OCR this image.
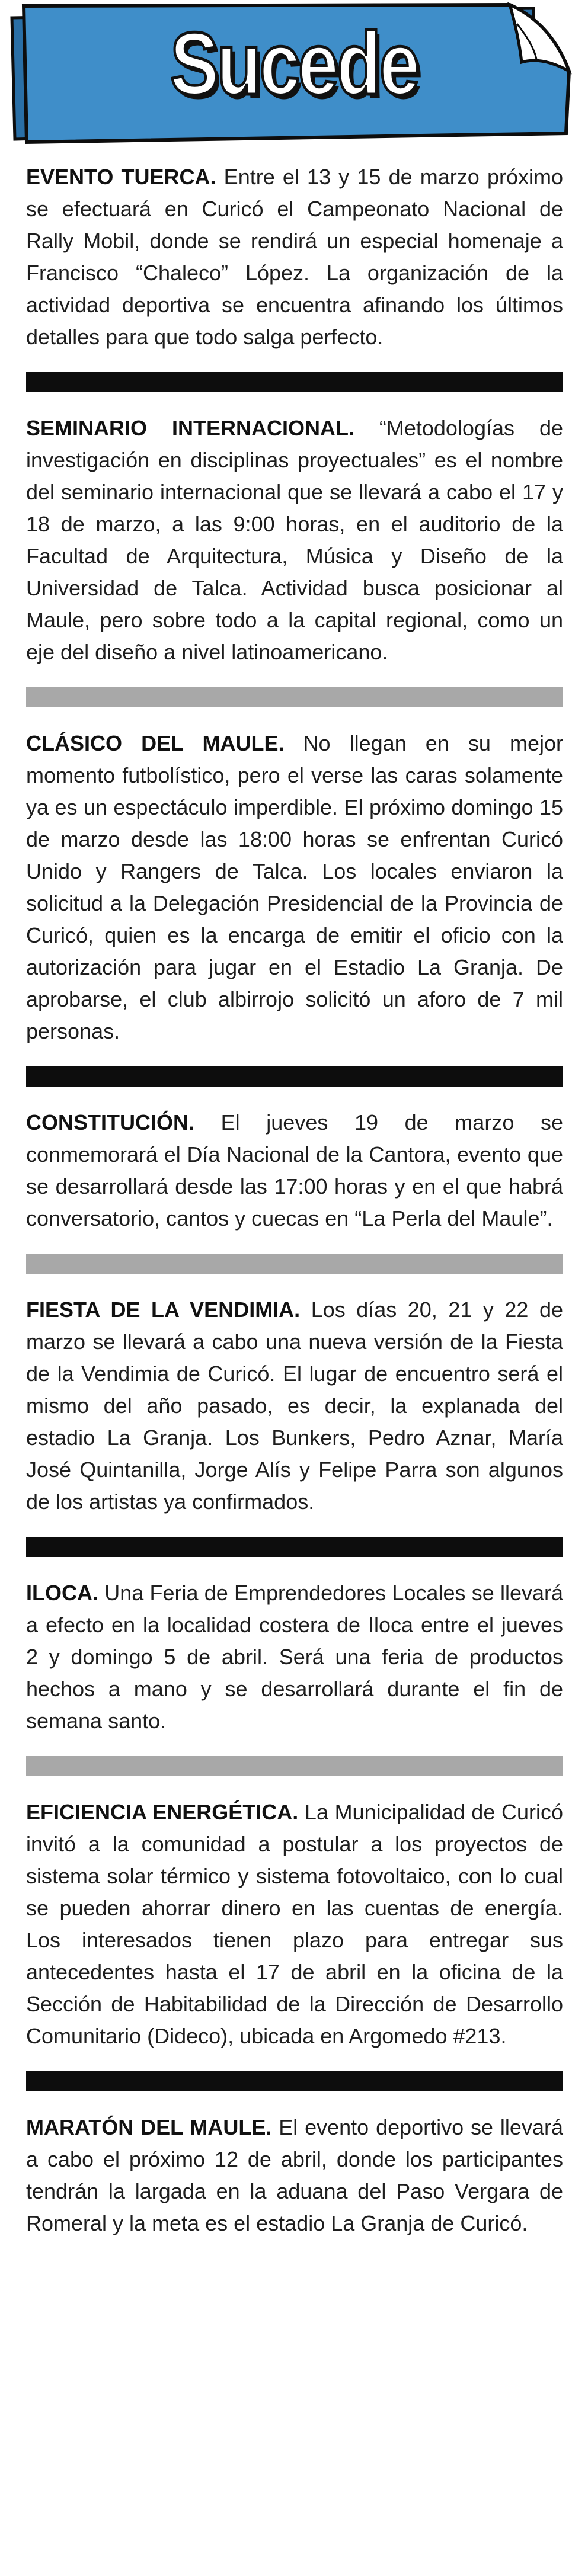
Sucede

EVENTO TUERCA. Entre el 13 y 15 de marzo próximo se efectuará en Curicó el Campeonato Nacional de Rally Mobil, donde se rendirá un especial homenaje a Francisco “Chaleco” López. La organización de la actividad deportiva se encuentra afinando los últimos detalles para que todo salga perfecto.

SEMINARIO INTERNACIONAL. “Metodologías de investigación en disciplinas proyectuales” es el nombre del seminario internacional que se llevará a cabo el 17 y 18 de marzo, a las 9:00 horas, en el auditorio de la Facultad de Arquitectura, Música y Diseño de la Universidad de Talca. Actividad busca posicionar al Maule, pero sobre todo a la capital regional, como un eje del diseño a nivel latinoamericano.

CLÁSICO DEL MAULE. No llegan en su mejor momento futbolístico, pero el verse las caras solamente ya es un espectáculo imperdible. El próximo domingo 15 de marzo desde las 18:00 horas se enfrentan Curicó Unido y Rangers de Talca. Los locales enviaron la solicitud a la Delegación Presidencial de la Provincia de Curicó, quien es la encarga de emitir el oficio con la autorización para jugar en el Estadio La Granja. De aprobarse, el club albirrojo solicitó un aforo de 7 mil personas.

CONSTITUCIÓN. El jueves 19 de marzo se conmemorará el Día Nacional de la Cantora, evento que se desarrollará desde las 17:00 horas y en el que habrá conversatorio, cantos y cuecas en “La Perla del Maule”.

FIESTA DE LA VENDIMIA. Los días 20, 21 y 22 de marzo se llevará a cabo una nueva versión de la Fiesta de la Vendimia de Curicó. El lugar de encuentro será el mismo del año pasado, es decir, la explanada del estadio La Granja. Los Bunkers, Pedro Aznar, María José Quintanilla, Jorge Alís y Felipe Parra son algunos de los artistas ya confirmados.

ILOCA. Una Feria de Emprendedores Locales se llevará a efecto en la localidad costera de Iloca entre el jueves 2 y domingo 5 de abril. Será una feria de productos hechos a mano y se desarrollará durante el fin de semana santo.

EFICIENCIA ENERGÉTICA. La Municipalidad de Curicó invitó a la comunidad a postular a los proyectos de sistema solar térmico y sistema fotovoltaico, con lo cual se pueden ahorrar dinero en las cuentas de energía. Los interesados tienen plazo para entregar sus antecedentes hasta el 17 de abril en la oficina de la Sección de Habitabilidad de la Dirección de Desarrollo Comunitario (Dideco), ubicada en Argomedo #213.

MARATÓN DEL MAULE. El evento deportivo se llevará a cabo el próximo 12 de abril, donde los participantes tendrán la largada en la aduana del Paso Vergara de Romeral y la meta es el estadio La Granja de Curicó.
